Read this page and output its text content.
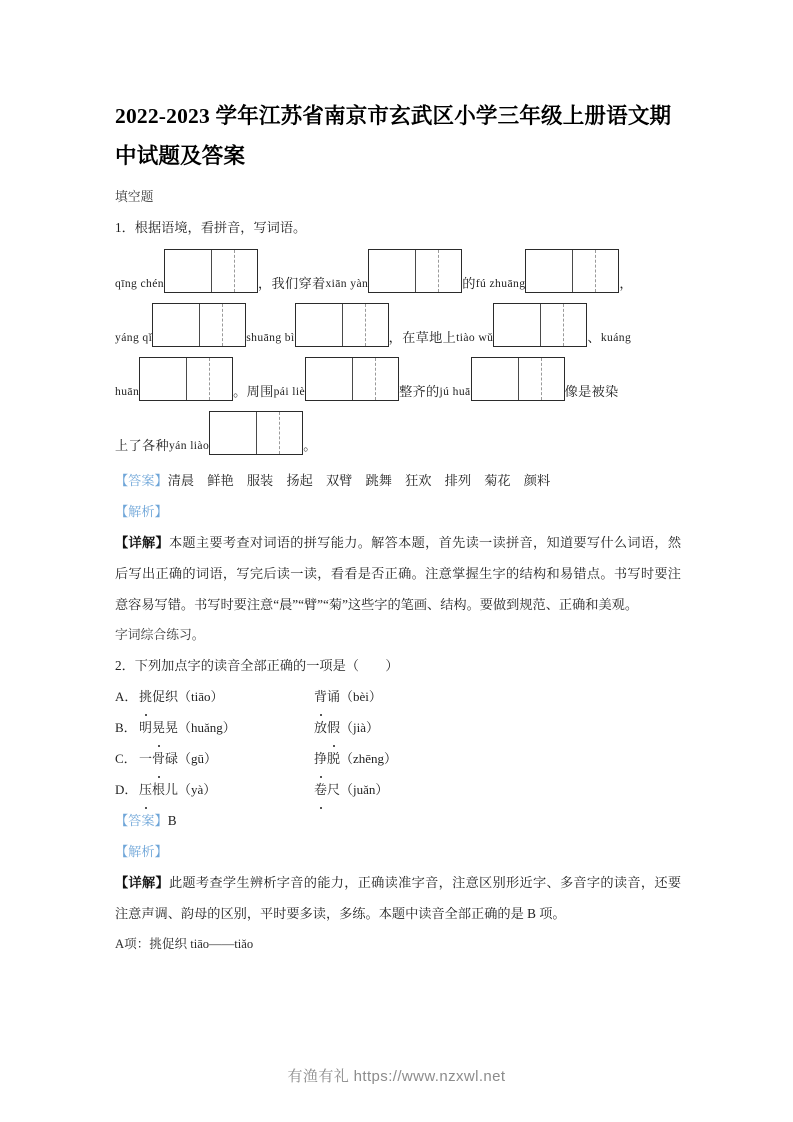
2022-2023 学年江苏省南京市玄武区小学三年级上册语文期中试题及答案

填空题

1．根据语境，看拼音，写词语。

qīng chén	，我们穿着 xiān yàn	的 fú zhuāng	，
yáng qǐ	shuāng bì	，在草地上 tiào wǔ	、 kuáng
huān	。周围 pái liè	整齐的 jú huā	像是被染
上了各种 yán liào	。

【答案】清晨　鲜艳　服装　扬起　双臂　跳舞　狂欢　排列　菊花　颜料

【解析】

【详解】本题主要考查对词语的拼写能力。解答本题，首先读一读拼音，知道要写什么词语，然后写出正确的词语，写完后读一读，看看是否正确。注意掌握生字的结构和易错点。书写时要注意容易写错。书写时要注意“晨”“臂”“菊”这些字的笔画、结构。要做到规范、正确和美观。

字词综合练习。

2．下列加点字的读音全部正确的一项是（　　）

A． 挑促织（tiāo）	背诵（bèi）

B． 明晃晃（huǎng）	放假（jià）

C． 一骨碌（gū）	挣脱（zhēng）

D． 压根儿（yà）	卷尺（juǎn）

【答案】B

【解析】

【详解】此题考查学生辨析字音的能力，正确读准字音，注意区别形近字、多音字的读音，还要注意声调、韵母的区别，平时要多读，多练。本题中读音全部正确的是 B 项。

A项：挑促织 tiāo——tiǎo

有渔有礼 https://www.nzxwl.net
